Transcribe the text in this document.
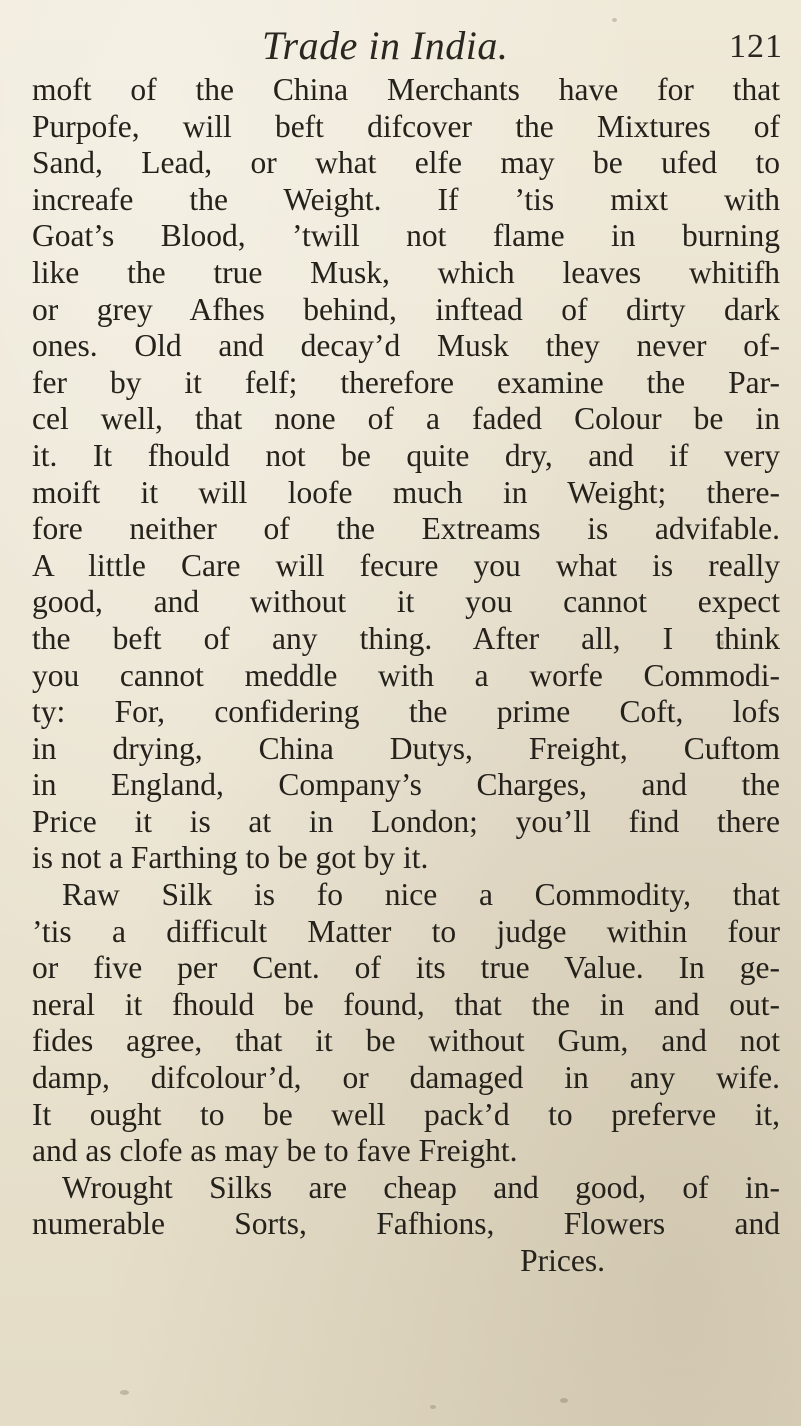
Trade in India.	121
moft of the China Merchants have for that
Purpofe, will beft difcover the Mixtures of
Sand, Lead, or what elfe may be ufed to
increafe the Weight. If ’tis mixt with
Goat’s Blood, ’twill not flame in burning
like the true Musk, which leaves whitifh
or grey Afhes behind, inftead of dirty dark
ones. Old and decay’d Musk they never of-
fer by it felf; therefore examine the Par-
cel well, that none of a faded Colour be in
it. It fhould not be quite dry, and if very
moift it will loofe much in Weight; there-
fore neither of the Extreams is advifable.
A little Care will fecure you what is really
good, and without it you cannot expect
the beft of any thing. After all, I think
you cannot meddle with a worfe Commodi-
ty: For, confidering the prime Coft, lofs
in drying, China Dutys, Freight, Cuftom
in England, Company’s Charges, and the
Price it is at in London; you’ll find there
is not a Farthing to be got by it.
Raw Silk is fo nice a Commodity, that
’tis a difficult Matter to judge within four
or five per Cent. of its true Value. In ge-
neral it fhould be found, that the in and out-
fides agree, that it be without Gum, and not
damp, difcolour’d, or damaged in any wife.
It ought to be well pack’d to preferve it,
and as clofe as may be to fave Freight.
Wrought Silks are cheap and good, of in-
numerable Sorts, Fafhions, Flowers and
Prices.
